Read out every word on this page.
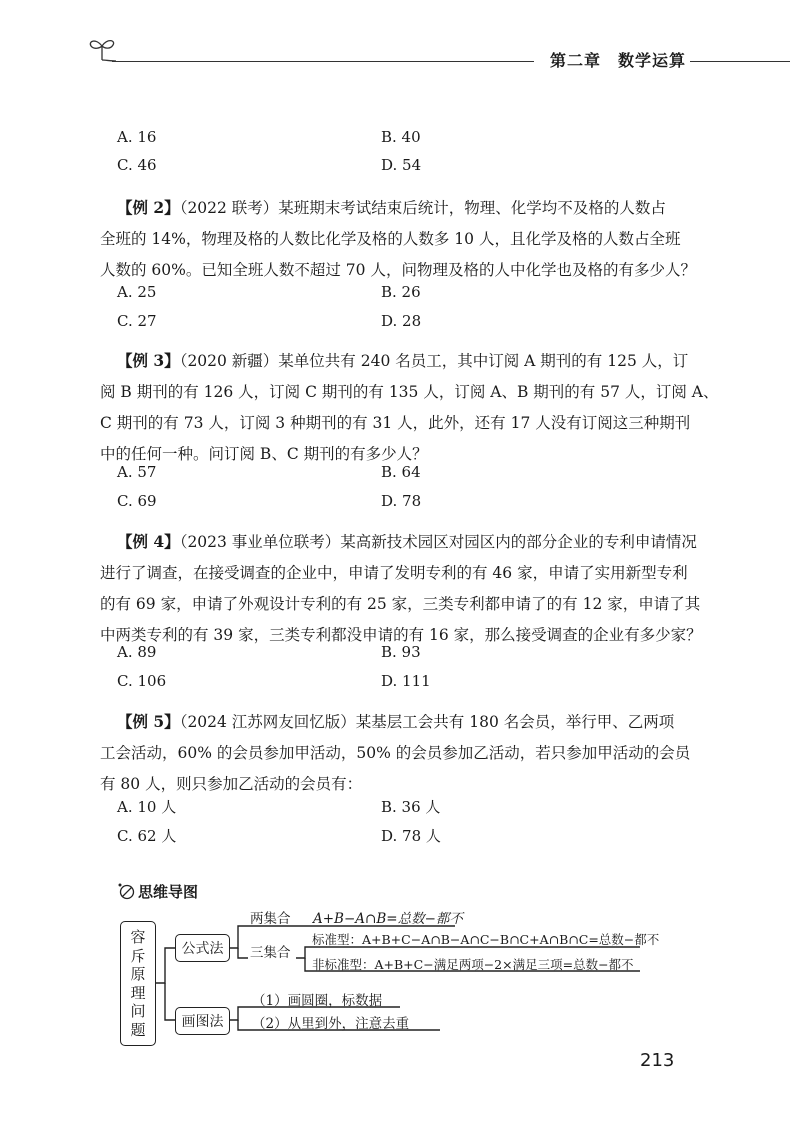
第二章　数学运算
A. 16	B. 40
C. 46	D. 54
【例 2】（2022 联考）某班期末考试结束后统计，物理、化学均不及格的人数占
全班的 14%，物理及格的人数比化学及格的人数多 10 人，且化学及格的人数占全班
人数的 60%。已知全班人数不超过 70 人，问物理及格的人中化学也及格的有多少人？
A. 25	B. 26
C. 27	D. 28
【例 3】（2020 新疆）某单位共有 240 名员工，其中订阅 A 期刊的有 125 人，订
阅 B 期刊的有 126 人，订阅 C 期刊的有 135 人，订阅 A、B 期刊的有 57 人，订阅 A、
C 期刊的有 73 人，订阅 3 种期刊的有 31 人，此外，还有 17 人没有订阅这三种期刊
中的任何一种。问订阅 B、C 期刊的有多少人？
A. 57	B. 64
C. 69	D. 78
【例 4】（2023 事业单位联考）某高新技术园区对园区内的部分企业的专利申请情况
进行了调查，在接受调查的企业中，申请了发明专利的有 46 家，申请了实用新型专利
的有 69 家，申请了外观设计专利的有 25 家，三类专利都申请了的有 12 家，申请了其
中两类专利的有 39 家，三类专利都没申请的有 16 家，那么接受调查的企业有多少家？
A. 89	B. 93
C. 106	D. 111
【例 5】（2024 江苏网友回忆版）某基层工会共有 180 名会员，举行甲、乙两项
工会活动，60% 的会员参加甲活动，50% 的会员参加乙活动，若只参加甲活动的会员
有 80 人，则只参加乙活动的会员有：
A. 10 人	B. 36 人
C. 62 人	D. 78 人
思维导图
容
斥
原
理
问
题
公式法
画图法
两集合 A+B−A∩B=总数−都不
三集合
标准型：A+B+C−A∩B−A∩C−B∩C+A∩B∩C=总数−都不
非标准型：A+B+C−满足两项−2×满足三项=总数−都不
（1）画圆圈，标数据
（2）从里到外，注意去重
213
